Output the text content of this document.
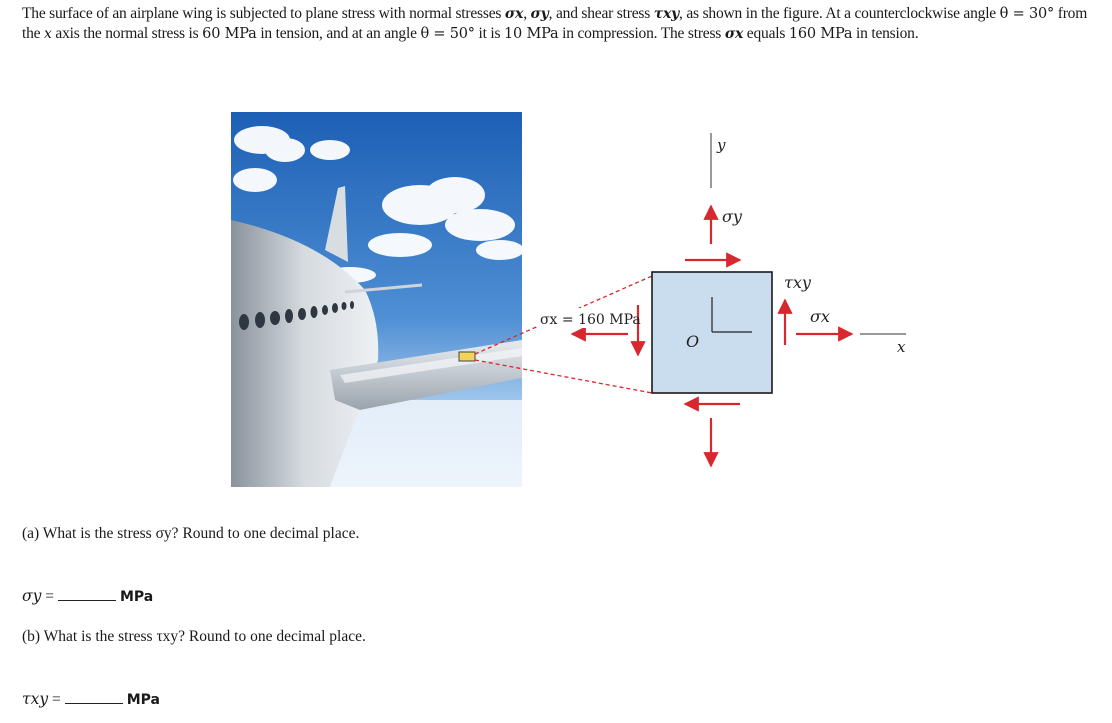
The surface of an airplane wing is subjected to plane stress with normal stresses σx, σy, and shear stress τxy, as shown in the figure. At a counterclockwise angle θ = 30° from the x axis the normal stress is 60 MPa in tension, and at an angle θ = 50° it is 10 MPa in compression. The stress σx equals 160 MPa in tension.
O
y
x
σy
τxy
σx
σx = 160 MPa
(a) What is the stress σy? Round to one decimal place.
σy =	MPa
(b) What is the stress τxy? Round to one decimal place.
τxy =	MPa
